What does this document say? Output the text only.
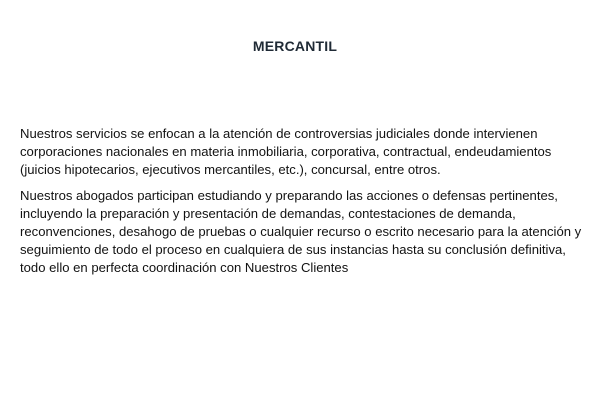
MERCANTIL

Nuestros servicios se enfocan a la atención de controversias judiciales donde intervienen corporaciones nacionales en materia inmobiliaria, corporativa, contractual, endeudamientos (juicios hipotecarios, ejecutivos mercantiles, etc.), concursal, entre otros.

Nuestros abogados participan estudiando y preparando las acciones o defensas pertinentes, incluyendo la preparación y presentación de demandas, contestaciones de demanda, reconvenciones, desahogo de pruebas o cualquier recurso o escrito necesario para la atención y seguimiento de todo el proceso en cualquiera de sus instancias hasta su conclusión definitiva, todo ello en perfecta coordinación con Nuestros Clientes
